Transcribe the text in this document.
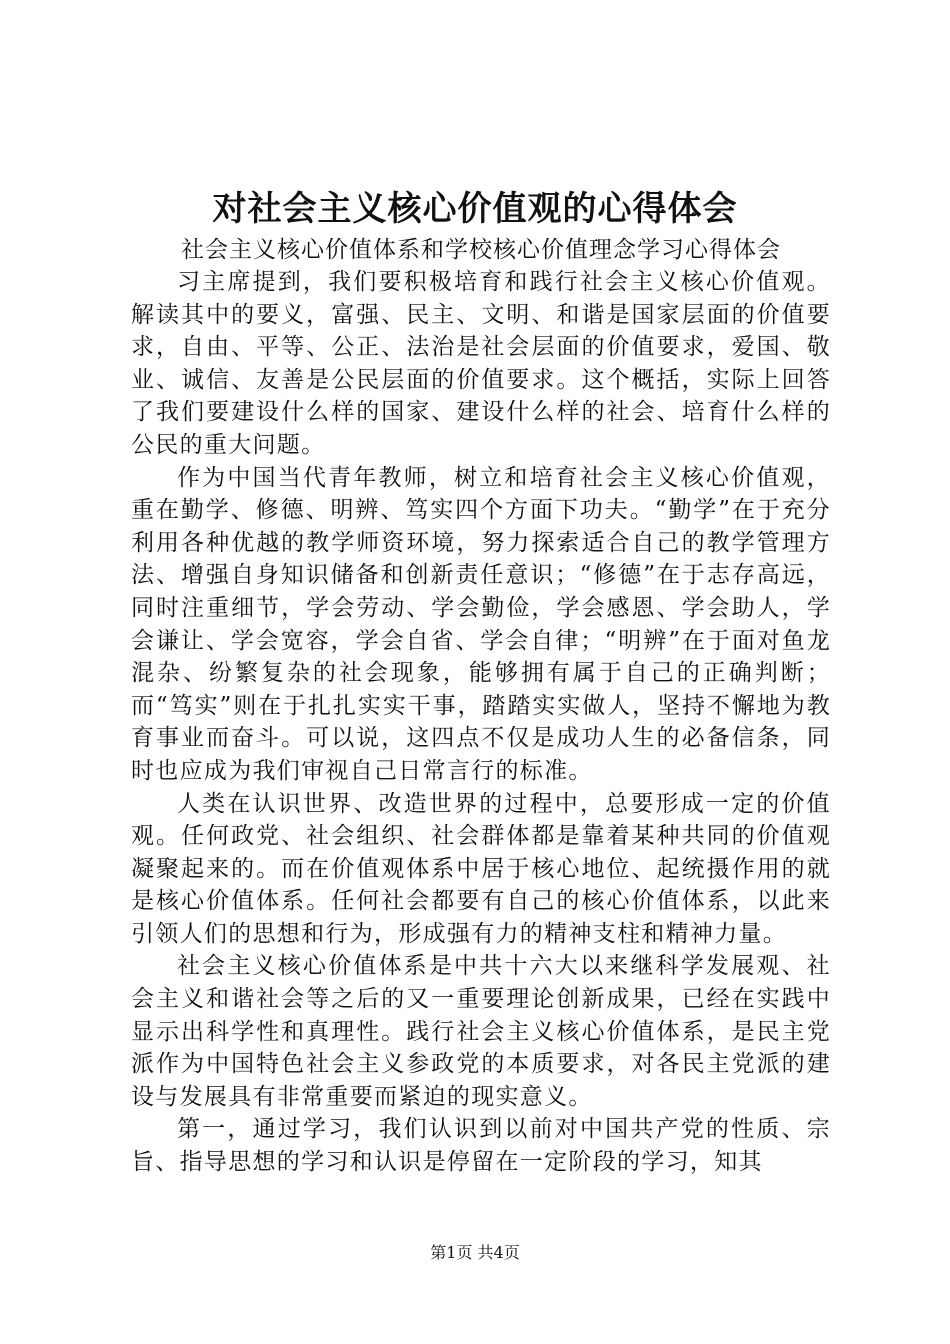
对社会主义核心价值观的心得体会
社会主义核心价值体系和学校核心价值理念学习心得体会

习主席提到，我们要积极培育和践行社会主义核心价值观。解读其中的要义，富强、民主、文明、和谐是国家层面的价值要求，自由、平等、公正、法治是社会层面的价值要求，爱国、敬业、诚信、友善是公民层面的价值要求。这个概括，实际上回答了我们要建设什么样的国家、建设什么样的社会、培育什么样的公民的重大问题。

作为中国当代青年教师，树立和培育社会主义核心价值观，重在勤学、修德、明辨、笃实四个方面下功夫。“勤学”在于充分利用各种优越的教学师资环境，努力探索适合自己的教学管理方法、增强自身知识储备和创新责任意识；“修德”在于志存高远，同时注重细节，学会劳动、学会勤俭，学会感恩、学会助人，学会谦让、学会宽容，学会自省、学会自律；“明辨”在于面对鱼龙混杂、纷繁复杂的社会现象，能够拥有属于自己的正确判断；而“笃实”则在于扎扎实实干事，踏踏实实做人，坚持不懈地为教育事业而奋斗。可以说，这四点不仅是成功人生的必备信条，同时也应成为我们审视自己日常言行的标准。

人类在认识世界、改造世界的过程中，总要形成一定的价值观。任何政党、社会组织、社会群体都是靠着某种共同的价值观凝聚起来的。而在价值观体系中居于核心地位、起统摄作用的就是核心价值体系。任何社会都要有自己的核心价值体系，以此来引领人们的思想和行为，形成强有力的精神支柱和精神力量。

社会主义核心价值体系是中共十六大以来继科学发展观、社会主义和谐社会等之后的又一重要理论创新成果，已经在实践中显示出科学性和真理性。践行社会主义核心价值体系，是民主党派作为中国特色社会主义参政党的本质要求，对各民主党派的建设与发展具有非常重要而紧迫的现实意义。

第一，通过学习，我们认识到以前对中国共产党的性质、宗旨、指导思想的学习和认识是停留在一定阶段的学习，知其

第1页 共4页
